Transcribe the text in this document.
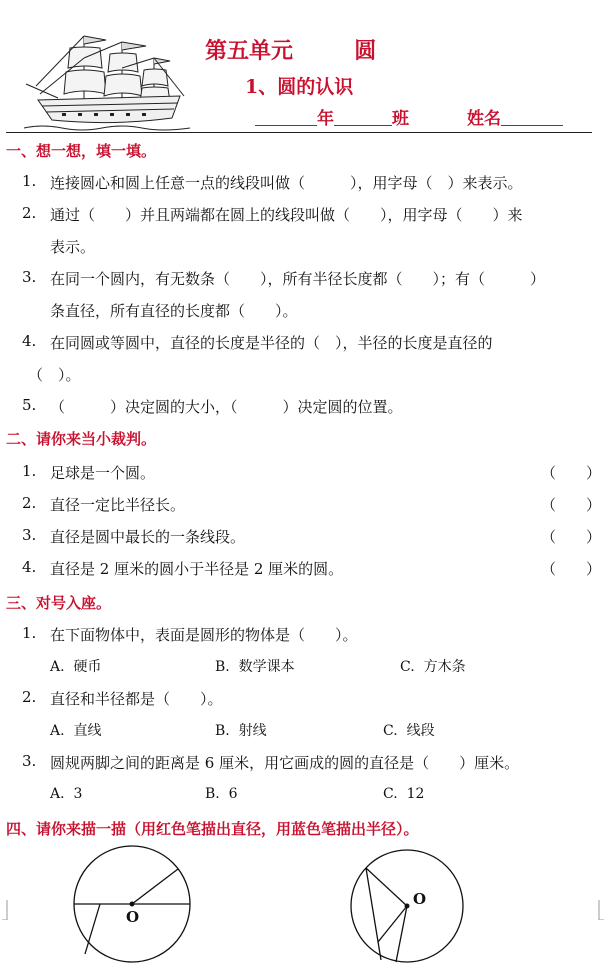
第五单元        圆
1、圆的认识
年	班	姓名
一、想一想，填一填。
1. 连接圆心和圆上任意一点的线段叫做（　　　），用字母（　）来表示。
2. 通过（　　）并且两端都在圆上的线段叫做（　　），用字母（　　）来
表示。
3. 在同一个圆内，有无数条（　　），所有半径长度都（　　）；有（　　　）
条直径，所有直径的长度都（　　）。
4. 在同圆或等圆中，直径的长度是半径的（　），半径的长度是直径的
（　）。
5. （　　　）决定圆的大小，（　　　）决定圆的位置。
二、请你来当小裁判。
1. 足球是一个圆。	（　　）
2. 直径一定比半径长。	（　　）
3. 直径是圆中最长的一条线段。	（　　）
4. 直径是 2 厘米的圆小于半径是 2 厘米的圆。	（　　）
三、对号入座。
1. 在下面物体中，表面是圆形的物体是（　　）。
A.  硬币	B.  数学课本	C.  方木条
2. 直径和半径都是（　　）。
A.  直线	B.  射线	C.  线段
3. 圆规两脚之间的距离是 6 厘米，用它画成的圆的直径是（　　）厘米。
A.  3	B.  6	C.  12
四、请你来描一描（用红色笔描出直径，用蓝色笔描出半径）。
O
O
